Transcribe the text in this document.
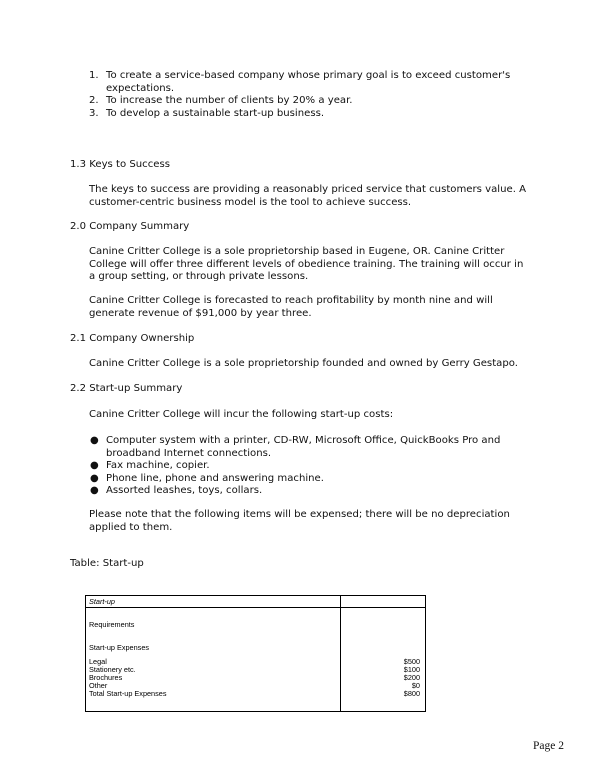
1. To create a service-based company whose primary goal is to exceed customer's expectations.
2. To increase the number of clients by 20% a year.
3. To develop a sustainable start-up business.
1.3 Keys to Success

The keys to success are providing a reasonably priced service that customers value. A customer-centric business model is the tool to achieve success.

2.0 Company Summary

Canine Critter College is a sole proprietorship based in Eugene, OR. Canine Critter College will offer three different levels of obedience training. The training will occur in a group setting, or through private lessons.

Canine Critter College is forecasted to reach profitability by month nine and will generate revenue of $91,000 by year three.

2.1 Company Ownership

Canine Critter College is a sole proprietorship founded and owned by Gerry Gestapo.

2.2 Start-up Summary

Canine Critter College will incur the following start-up costs:

● Computer system with a printer, CD-RW, Microsoft Office, QuickBooks Pro and broadband Internet connections.
● Fax machine, copier.
● Phone line, phone and answering machine.
● Assorted leashes, toys, collars.

Please note that the following items will be expensed; there will be no depreciation applied to them.

Table: Start-up
Start-up
Requirements
Start-up Expenses
Legal	$500
Stationery etc.	$100
Brochures	$200
Other	$0
Total Start-up Expenses	$800
Page 2
